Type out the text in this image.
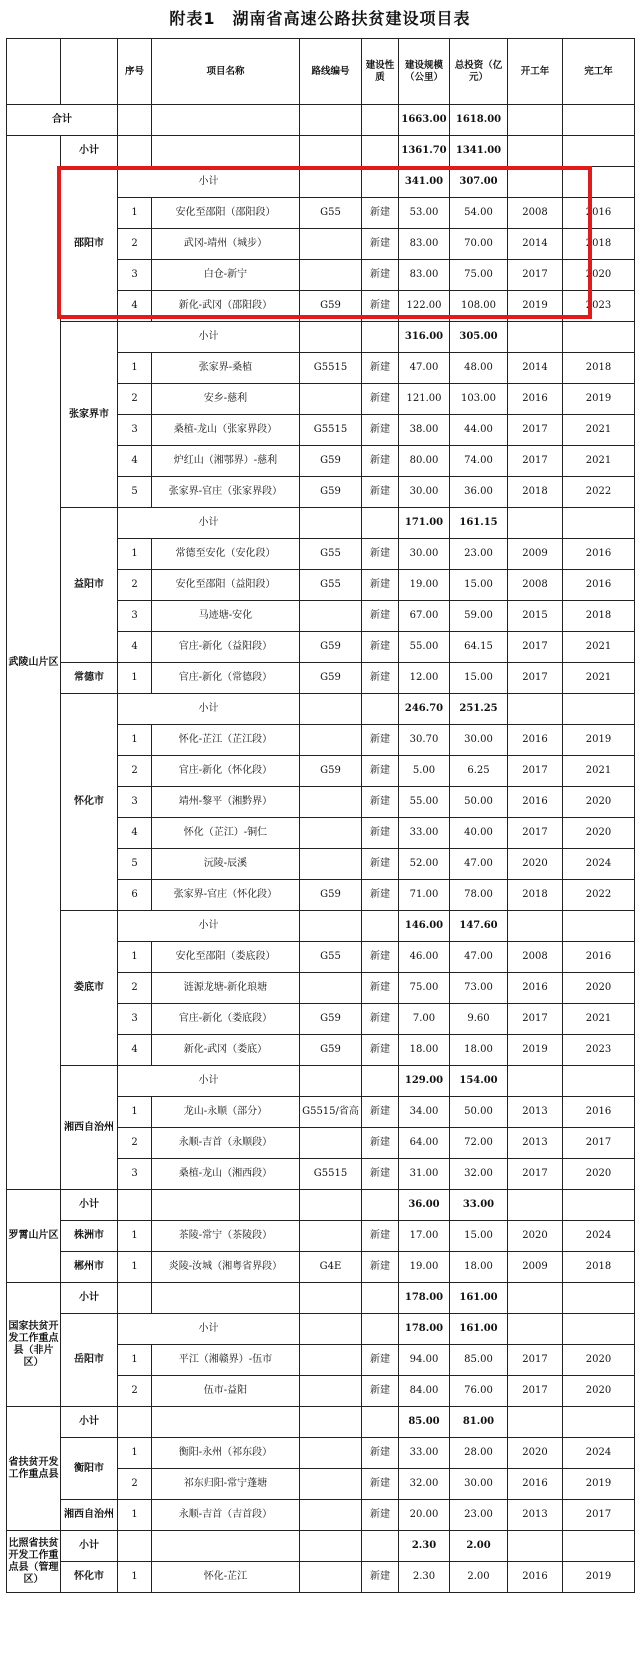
附表1　湖南省高速公路扶贫建设项目表
		序号	项目名称	路线编号	建设性质	建设规模（公里）	总投资（亿元）	开工年	完工年
合计						1663.00	1618.00		
武陵山片区	小计					1361.70	1341.00		
	邵阳市	小计				341.00	307.00		
		1	安化至邵阳（邵阳段）	G55	新建	53.00	54.00	2008	2016
		2	武冈-靖州（城步）		新建	83.00	70.00	2014	2018
		3	白仓-新宁		新建	83.00	75.00	2017	2020
		4	新化-武冈（邵阳段）	G59	新建	122.00	108.00	2019	2023
	张家界市	小计				316.00	305.00		
		1	张家界-桑植	G5515	新建	47.00	48.00	2014	2018
		2	安乡-慈利		新建	121.00	103.00	2016	2019
		3	桑植-龙山（张家界段）	G5515	新建	38.00	44.00	2017	2021
		4	炉红山（湘鄂界）-慈利	G59	新建	80.00	74.00	2017	2021
		5	张家界-官庄（张家界段）	G59	新建	30.00	36.00	2018	2022
	益阳市	小计				171.00	161.15		
		1	常德至安化（安化段）	G55	新建	30.00	23.00	2009	2016
		2	安化至邵阳（益阳段）	G55	新建	19.00	15.00	2008	2016
		3	马迹塘-安化		新建	67.00	59.00	2015	2018
		4	官庄-新化（益阳段）	G59	新建	55.00	64.15	2017	2021
	常德市	1	官庄-新化（常德段）	G59	新建	12.00	15.00	2017	2021
	怀化市	小计				246.70	251.25		
		1	怀化-芷江（芷江段）		新建	30.70	30.00	2016	2019
		2	官庄-新化（怀化段）	G59	新建	5.00	6.25	2017	2021
		3	靖州-黎平（湘黔界）		新建	55.00	50.00	2016	2020
		4	怀化（芷江）-铜仁		新建	33.00	40.00	2017	2020
		5	沅陵-辰溪		新建	52.00	47.00	2020	2024
		6	张家界-官庄（怀化段）	G59	新建	71.00	78.00	2018	2022
	娄底市	小计				146.00	147.60		
		1	安化至邵阳（娄底段）	G55	新建	46.00	47.00	2008	2016
		2	涟源龙塘-新化琅塘		新建	75.00	73.00	2016	2020
		3	官庄-新化（娄底段）	G59	新建	7.00	9.60	2017	2021
		4	新化-武冈（娄底）	G59	新建	18.00	18.00	2019	2023
	湘西自治州	小计				129.00	154.00		
		1	龙山-永顺（部分）	G5515/省高	新建	34.00	50.00	2013	2016
		2	永顺-吉首（永顺段）		新建	64.00	72.00	2013	2017
		3	桑植-龙山（湘西段）	G5515	新建	31.00	32.00	2017	2020
罗霄山片区	小计					36.00	33.00		
	株洲市	1	茶陵-常宁（茶陵段）		新建	17.00	15.00	2020	2024
	郴州市	1	炎陵-汝城（湘粤省界段）	G4E	新建	19.00	18.00	2009	2018
国家扶贫开发工作重点县（非片区）	小计					178.00	161.00		
	岳阳市	小计				178.00	161.00		
		1	平江（湘赣界）-伍市		新建	94.00	85.00	2017	2020
		2	伍市-益阳		新建	84.00	76.00	2017	2020
省扶贫开发工作重点县	小计					85.00	81.00		
	衡阳市	1	衡阳-永州（祁东段）		新建	33.00	28.00	2020	2024
		2	祁东归阳-常宁蓬塘		新建	32.00	30.00	2016	2019
	湘西自治州	1	永顺-吉首（吉首段）		新建	20.00	23.00	2013	2017
比照省扶贫开发工作重点县（管理区）	小计					2.30	2.00		
	怀化市	1	怀化-芷江		新建	2.30	2.00	2016	2019
